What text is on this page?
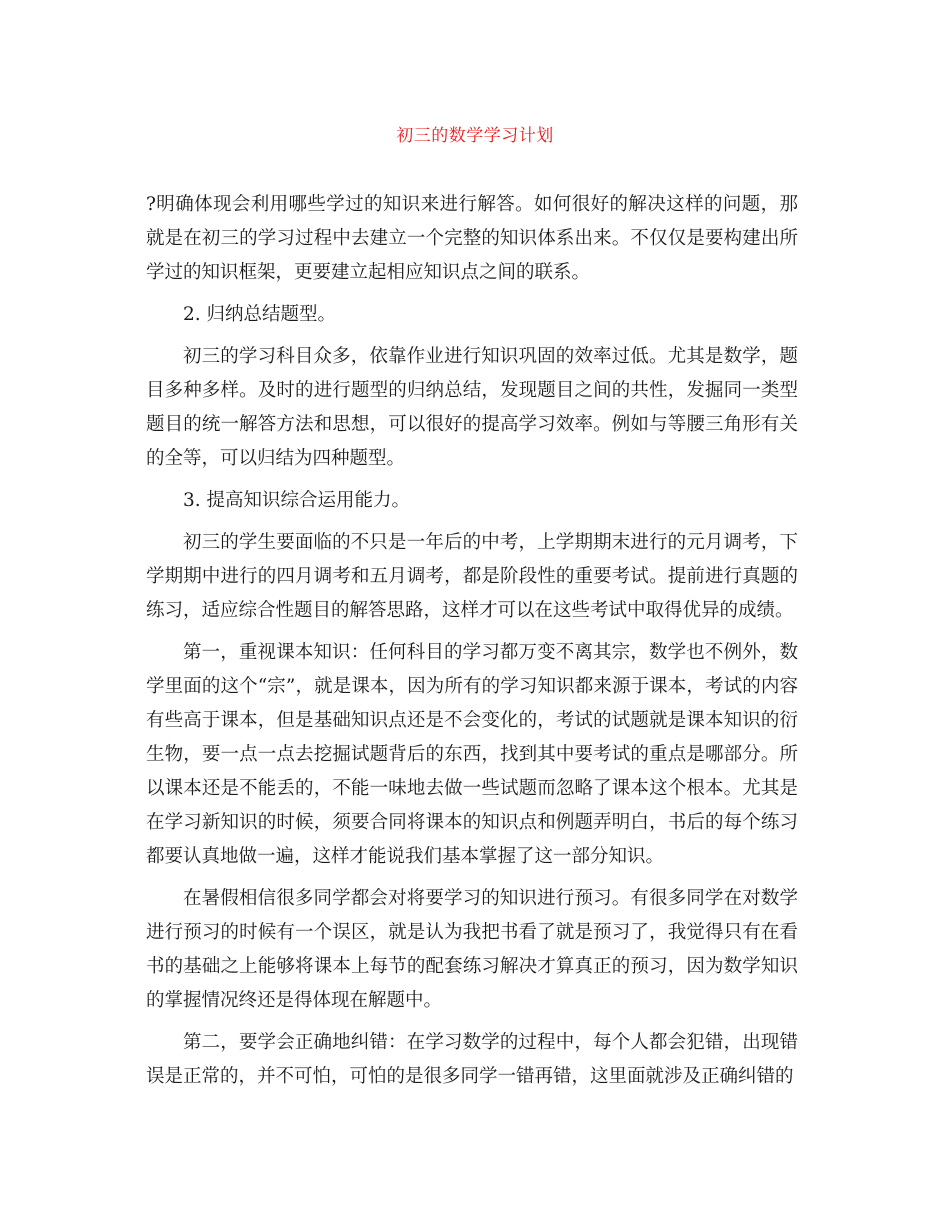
初三的数学学习计划

?明确体现会利用哪些学过的知识来进行解答。如何很好的解决这样的问题，那就是在初三的学习过程中去建立一个完整的知识体系出来。不仅仅是要构建出所学过的知识框架，更要建立起相应知识点之间的联系。

2. 归纳总结题型。

初三的学习科目众多，依靠作业进行知识巩固的效率过低。尤其是数学，题目多种多样。及时的进行题型的归纳总结，发现题目之间的共性，发掘同一类型题目的统一解答方法和思想，可以很好的提高学习效率。例如与等腰三角形有关的全等，可以归结为四种题型。

3. 提高知识综合运用能力。

初三的学生要面临的不只是一年后的中考，上学期期末进行的元月调考，下学期期中进行的四月调考和五月调考，都是阶段性的重要考试。提前进行真题的练习，适应综合性题目的解答思路，这样才可以在这些考试中取得优异的成绩。

第一，重视课本知识：任何科目的学习都万变不离其宗，数学也不例外，数学里面的这个“宗”，就是课本，因为所有的学习知识都来源于课本，考试的内容有些高于课本，但是基础知识点还是不会变化的，考试的试题就是课本知识的衍生物，要一点一点去挖掘试题背后的东西，找到其中要考试的重点是哪部分。所以课本还是不能丢的，不能一味地去做一些试题而忽略了课本这个根本。尤其是在学习新知识的时候，须要合同将课本的知识点和例题弄明白，书后的每个练习都要认真地做一遍，这样才能说我们基本掌握了这一部分知识。

在暑假相信很多同学都会对将要学习的知识进行预习。有很多同学在对数学进行预习的时候有一个误区，就是认为我把书看了就是预习了，我觉得只有在看书的基础之上能够将课本上每节的配套练习解决才算真正的预习，因为数学知识的掌握情况终还是得体现在解题中。

第二，要学会正确地纠错：在学习数学的过程中，每个人都会犯错，出现错误是正常的，并不可怕，可怕的是很多同学一错再错，这里面就涉及正确纠错的
